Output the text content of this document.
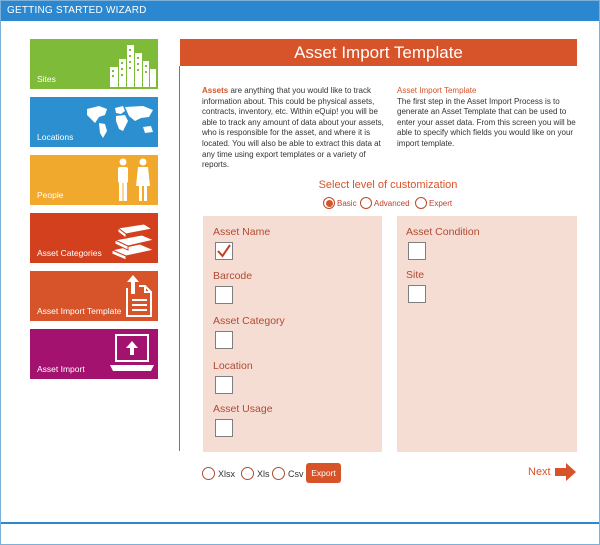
GETTING STARTED WIZARD
Sites
Locations
People
Asset Categories
Asset Import Template
Asset Import
Asset Import Template
Assets are anything that you would like to track information about. This could be physical assets, contracts, inventory, etc. Within eQuip! you will be able to track any amount of data about your assets, who is responsible for the asset, and where it is located. You will also be able to extract this data at any time using export templates or a variety of reports.
Asset Import Template
The first step in the Asset Import Process is to generate an Asset Template that can be used to enter your asset data. From this screen you will be able to specify which fields you would like on your import template.
Select level of customization
Basic Advanced Expert
Asset Name
Barcode
Asset Category
Location
Asset Usage
Asset Condition
Site
Xlsx Xls Csv Export	Next
